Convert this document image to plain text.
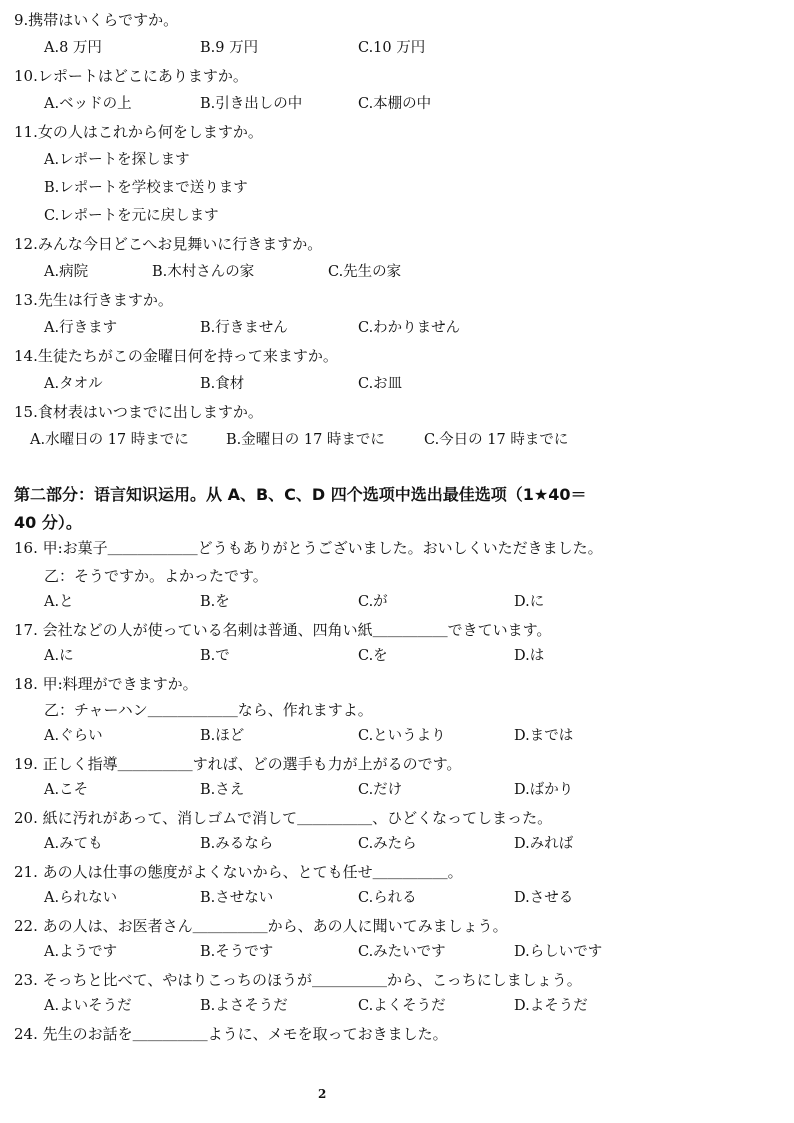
9.携帯はいくらですか。
A.8 万円	B.9 万円	C.10 万円
10.レポートはどこにありますか。
A.ベッドの上	B.引き出しの中	C.本棚の中
11.女の人はこれから何をしますか。
A.レポートを探します
B.レポートを学校まで送ります
C.レポートを元に戻します
12.みんな今日どこへお見舞いに行きますか。
A.病院	B.木村さんの家	C.先生の家
13.先生は行きますか。
A.行きます	B.行きません	C.わかりません
14.生徒たちがこの金曜日何を持って来ますか。
A.タオル	B.食材	C.お皿
15.食材表はいつまでに出しますか。
A.水曜日の 17 時までに	B.金曜日の 17 時までに	C.今日の 17 時までに
第二部分：语言知识运用。从 A、B、C、D 四个选项中选出最佳选项（1★40＝
40 分）。
16. 甲:お菓子＿＿＿＿＿＿どうもありがとうございました。おいしくいただきました。
乙：そうですか。よかったです。
A.と	B.を	C.が	D.に
17. 会社などの人が使っている名刺は普通、四角い紙＿＿＿＿＿できています。
A.に	B.で	C.を	D.は
18. 甲:料理ができますか。
乙：チャーハン＿＿＿＿＿＿なら、作れますよ。
A.ぐらい	B.ほど	C.というより	D.までは
19. 正しく指導＿＿＿＿＿すれば、どの選手も力が上がるのです。
A.こそ	B.さえ	C.だけ	D.ばかり
20. 紙に汚れがあって、消しゴムで消して＿＿＿＿＿、ひどくなってしまった。
A.みても	B.みるなら	C.みたら	D.みれば
21. あの人は仕事の態度がよくないから、とても任せ＿＿＿＿＿。
A.られない	B.させない	C.られる	D.させる
22. あの人は、お医者さん＿＿＿＿＿から、あの人に聞いてみましょう。
A.ようです	B.そうです	C.みたいです	D.らしいです
23. そっちと比べて、やはりこっちのほうが＿＿＿＿＿から、こっちにしましょう。
A.よいそうだ	B.よさそうだ	C.よくそうだ	D.よそうだ
24. 先生のお話を＿＿＿＿＿ように、メモを取っておきました。
2
